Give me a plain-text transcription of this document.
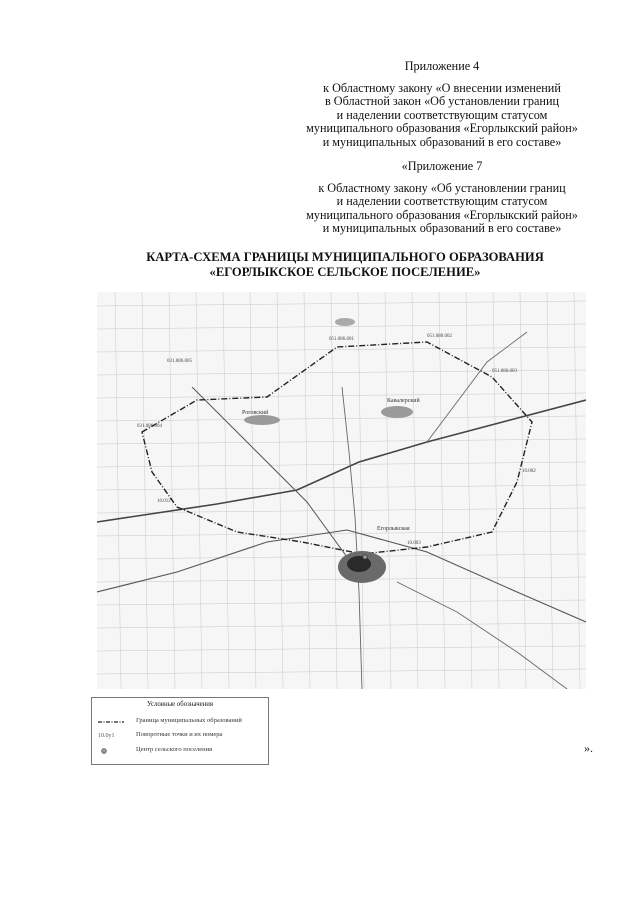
Приложение 4
к Областному закону «О внесении изменений
в Областной закон «Об установлении границ
и наделении соответствующим статусом
муниципального образования «Егорлыкский район»
и муниципальных образований в его составе»
«Приложение 7
к Областному закону «Об установлении границ
и наделении соответствующим статусом
муниципального образования «Егорлыкский район»
и муниципальных образований в его составе»
КАРТА-СХЕМА ГРАНИЦЫ МУНИЦИПАЛЬНОГО ОБРАЗОВАНИЯ
«ЕГОРЛЫКСКОЕ СЕЛЬСКОЕ ПОСЕЛЕНИЕ»
Егорлыкская
Кавалерский
Роговский
051.086.001
051.086.002
051.086.003
031.086.004
10.002
10.003
10.012
031.086.005
Условные обозначения
Граница муниципальных образований
10.0у1	Поворотные точки и их номера
Центр сельского поселения	».
